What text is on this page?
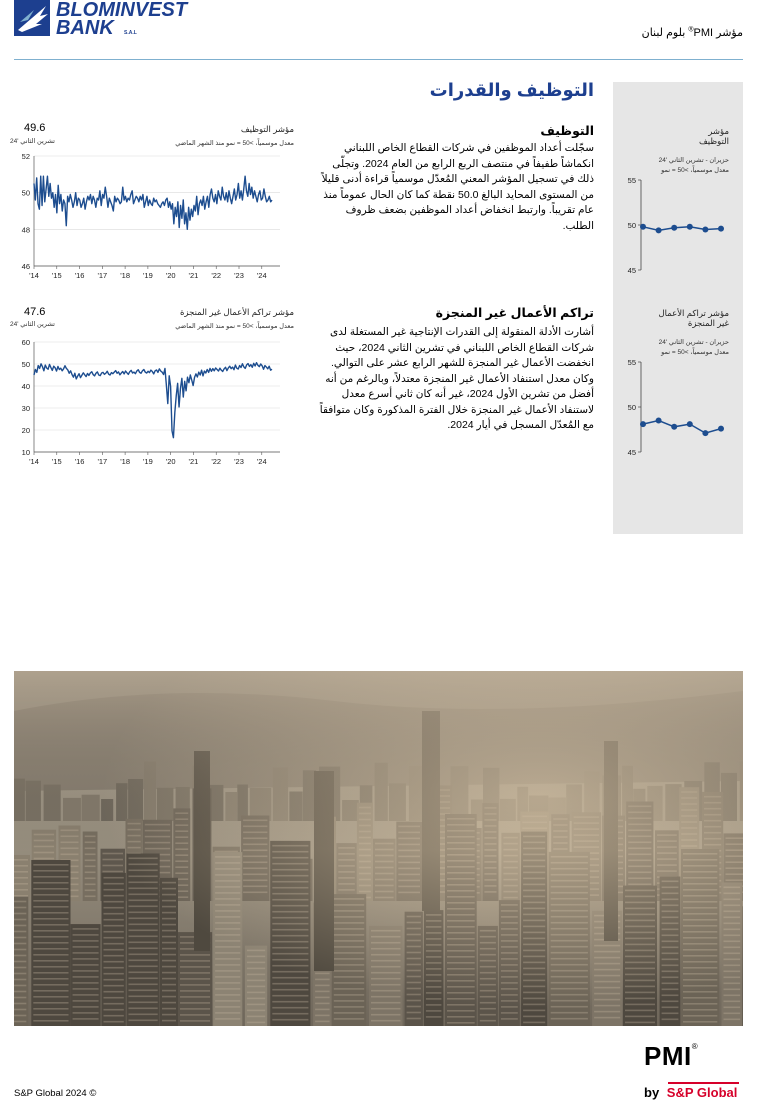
BLOMINVEST
BANK S.A.L	مؤشر PMI® بلوم لبنان
التوظيف والقدرات
مؤشر
التوظيف
حزيران - تشرين الثاني '24
معدل موسمياً، >50 = نمو
45
50
55
مؤشر تراكم الأعمال
غير المنجزة
حزيران - تشرين الثاني '24
معدل موسمياً، >50 = نمو
45
50
55
التوظيف
سجّلت أعداد الموظفين في شركات القطاع الخاص اللبناني انكماشاً طفيفاً في منتصف الربع الرابع من العام 2024. وتجلّى ذلك في تسجيل المؤشر المعني المُعدّل موسمياً قراءة أدنى قليلاً من المستوى المحايد البالغ 50.0 نقطة كما كان الحال عموماً منذ عام تقريباً. وارتبط انخفاض أعداد الموظفين بضعف ظروف الطلب.
مؤشر التوظيف
معدل موسمياً، >50 = نمو منذ الشهر الماضي
49.6
تشرين الثاني '24
46
48
50
52
'14 '15 '16 '17 '18 '19 '20 '21 '22 '23 '24
تراكم الأعمال غير المنجزة
أشارت الأدلة المنقولة إلى القدرات الإنتاجية غير المستغلة لدى شركات القطاع الخاص اللبناني في تشرين الثاني 2024، حيث انخفضت الأعمال غير المنجزة للشهر الرابع عشر على التوالي. وكان معدل استنفاد الأعمال غير المنجزة معتدلاً، وبالرغم من أنه أفضل من تشرين الأول 2024، غير أنه كان ثاني أسرع معدل لاستنفاد الأعمال غير المنجزة خلال الفترة المذكورة وكان متوافقاً مع المُعدّل المسجل في أيار 2024.
مؤشر تراكم الأعمال غير المنجزة
معدل موسمياً، >50 = نمو منذ الشهر الماضي
47.6
تشرين الثاني '24
10
20
30
40
50
60
'14 '15 '16 '17 '18 '19 '20 '21 '22 '23 '24
S&P Global 2024 ©
PMI®
by S&P Global
